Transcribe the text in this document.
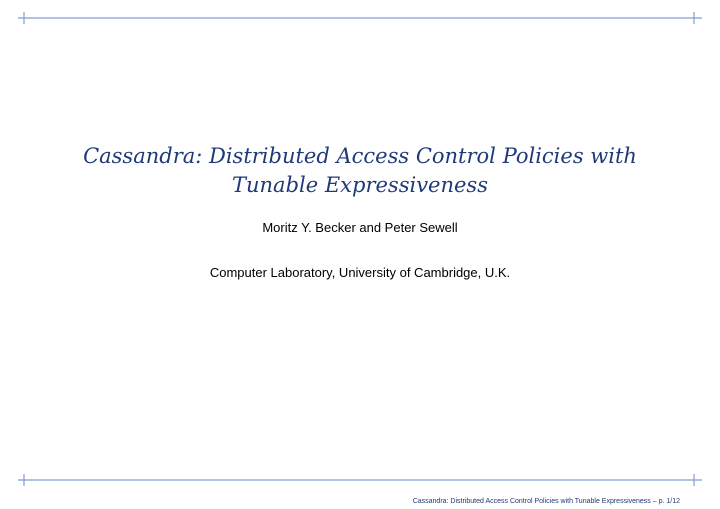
Cassandra: Distributed Access Control Policies with
Tunable Expressiveness
Moritz Y. Becker and Peter Sewell
Computer Laboratory, University of Cambridge, U.K.
Cassandra: Distributed Access Control Policies with Tunable Expressiveness – p. 1/12
